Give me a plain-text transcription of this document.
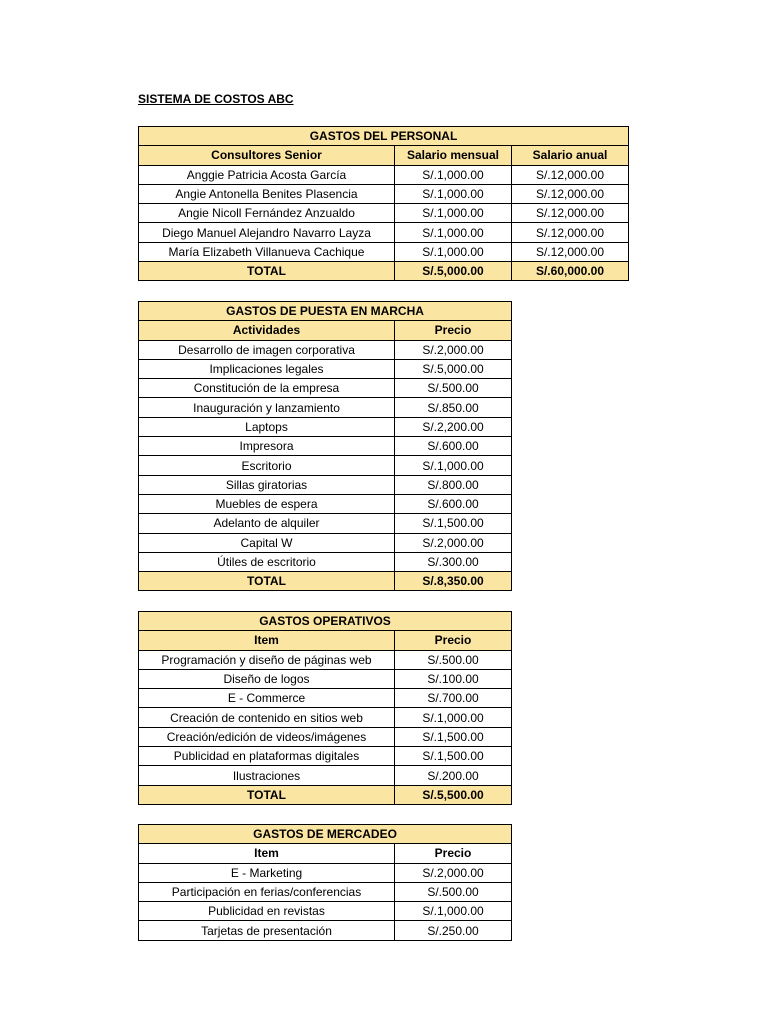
SISTEMA DE COSTOS ABC
GASTOS DEL PERSONAL		
Consultores Senior	Salario mensual	Salario anual
Anggie Patricia Acosta García	S/.1,000.00	S/.12,000.00
Angie Antonella Benites Plasencia	S/.1,000.00	S/.12,000.00
Angie Nicoll Fernández Anzualdo	S/.1,000.00	S/.12,000.00
Diego Manuel Alejandro Navarro Layza	S/.1,000.00	S/.12,000.00
María Elizabeth Villanueva Cachique	S/.1,000.00	S/.12,000.00
TOTAL	S/.5,000.00	S/.60,000.00
GASTOS DE PUESTA EN MARCHA	
Actividades	Precio
Desarrollo de imagen corporativa	S/.2,000.00
Implicaciones legales	S/.5,000.00
Constitución de la empresa	S/.500.00
Inauguración y lanzamiento	S/.850.00
Laptops	S/.2,200.00
Impresora	S/.600.00
Escritorio	S/.1,000.00
Sillas giratorias	S/.800.00
Muebles de espera	S/.600.00
Adelanto de alquiler	S/.1,500.00
Capital W	S/.2,000.00
Útiles de escritorio	S/.300.00
TOTAL	S/.8,350.00
GASTOS OPERATIVOS	
Item	Precio
Programación y diseño de páginas web	S/.500.00
Diseño de logos	S/.100.00
E - Commerce	S/.700.00
Creación de contenido en sitios web	S/.1,000.00
Creación/edición de videos/imágenes	S/.1,500.00
Publicidad en plataformas digitales	S/.1,500.00
Ilustraciones	S/.200.00
TOTAL	S/.5,500.00
GASTOS DE MERCADEO	
Item	Precio
E - Marketing	S/.2,000.00
Participación en ferias/conferencias	S/.500.00
Publicidad en revistas	S/.1,000.00
Tarjetas de presentación	S/.250.00
